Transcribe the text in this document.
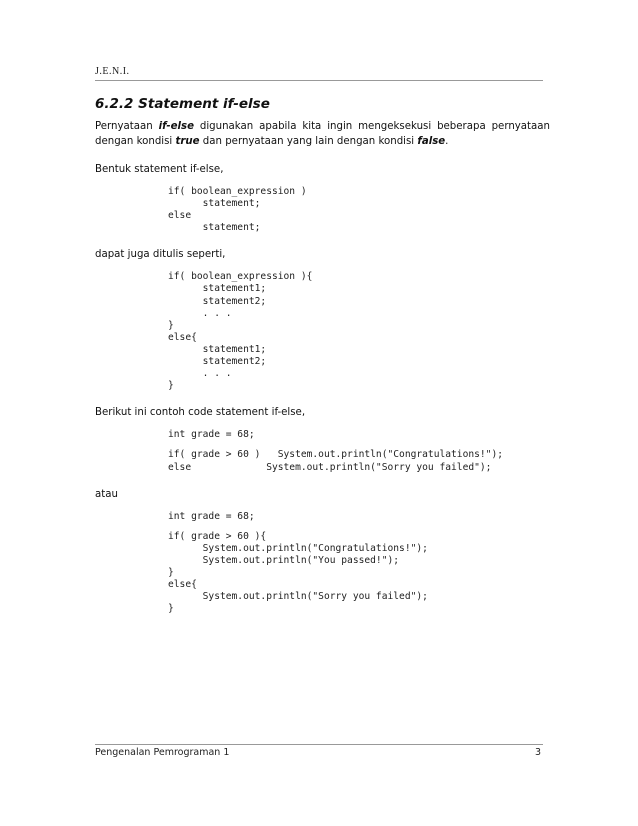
J.E.N.I.
6.2.2 Statement if-else

Pernyataan if-else digunakan apabila kita ingin mengeksekusi beberapa pernyataan dengan kondisi true dan pernyataan yang lain dengan kondisi false.

Bentuk statement if-else,

if( boolean_expression )
statement;
else
statement;

dapat juga ditulis seperti,

if( boolean_expression ){
statement1;
statement2;
. . .
}
else{
statement1;
statement2;
. . .
}

Berikut ini contoh code statement if-else,

int grade = 68;
if( grade > 60 )   System.out.println("Congratulations!");
else             System.out.println("Sorry you failed");

atau

int grade = 68;
if( grade > 60 ){
System.out.println("Congratulations!");
System.out.println("You passed!");
}
else{
System.out.println("Sorry you failed");
}
Pengenalan Pemrograman 1	3
